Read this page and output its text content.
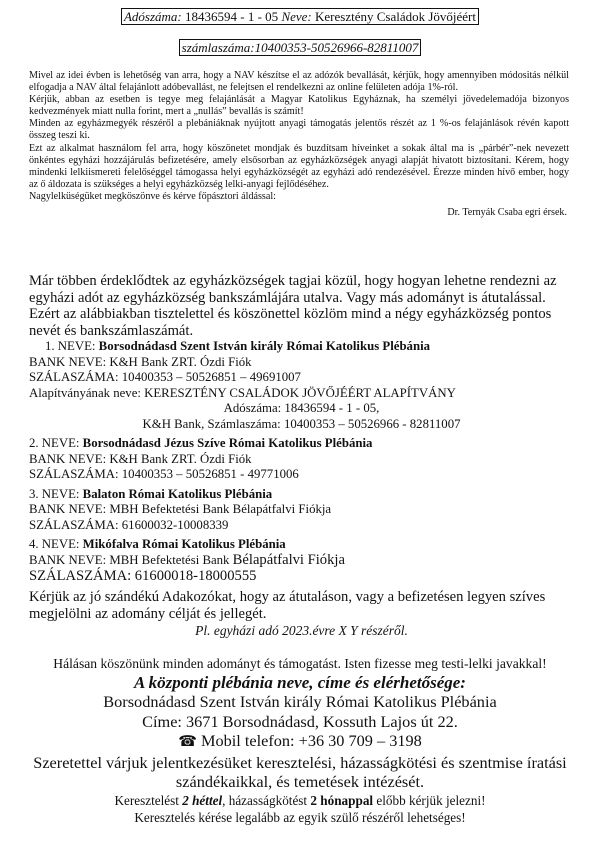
Adószáma: 18436594 - 1 - 05 Neve: Keresztény Családok Jövőjéért
számlaszáma:10400353-50526966-82811007

Mivel az idei évben is lehetőség van arra, hogy a NAV készítse el az adózók bevallását, kérjük, hogy amennyiben módositás nélkül elfogadja a NAV által felajánlott adóbevallást, ne felejtsen el rendelkezni az online felületen adója 1%-ról.

Kérjük, abban az esetben is tegye meg felajánlását a Magyar Katolikus Egyháznak, ha személyi jövedelemadója bizonyos kedvezmények miatt nulla forint, mert a „nullás” bevallás is számít!

Minden az egyházmegyék részéről a plebániáknak nyújtott anyagi támogatás jelentős részét az 1 %-os felajánlások révén kapott összeg teszi ki.

Ezt az alkalmat használom fel arra, hogy köszönetet mondjak és buzdítsam híveinket a sokak által ma is „párbér”-nek nevezett önkéntes egyházi hozzájárulás befizetésére, amely elsősorban az egyházközségek anyagi alapját hivatott biztosítani. Kérem, hogy mindenki lelkiismereti felelőséggel támogassa helyi egyházközségét az egyházi adó rendezésével. Érezze minden hívő ember, hogy az ő áldozata is szükséges a helyi egyházközség lelki-anyagi fejlődéséhez.

Nagylelküségüket megköszönve és kérve főpásztori áldással:

Dr. Ternyák Csaba egri érsek.

Már többen érdeklődtek az egyházközségek tagjai közül, hogy hogyan lehetne rendezni az egyházi adót az egyházközség bankszámlájára utalva. Vagy más adományt is átutalással. Ezért az alábbiakban tisztelettel és köszönettel közlöm mind a négy egyházközség pontos nevét és bankszámlaszámát.

1. NEVE: Borsodnádasd Szent István király Római Katolikus Plébánia
BANK NEVE: K&H Bank ZRT. Ózdi Fiók
SZÁLASZÁMA: 10400353 – 50526851 – 49691007
Alapítványának neve: KERESZTÉNY CSALÁDOK JÖVŐJÉÉRT ALAPÍTVÁNY
Adószáma: 18436594 - 1 - 05,
K&H Bank, Számlaszáma: 10400353 – 50526966 - 82811007
2. NEVE: Borsodnádasd Jézus Szíve Római Katolikus Plébánia
BANK NEVE: K&H Bank ZRT. Ózdi Fiók
SZÁLASZÁMA: 10400353 – 50526851 - 49771006
3. NEVE: Balaton Római Katolikus Plébánia
BANK NEVE: MBH Befektetési Bank Bélapátfalvi Fiókja
SZÁLASZÁMA: 61600032-10008339
4. NEVE: Mikófalva Római Katolikus Plébánia
BANK NEVE: MBH Befektetési Bank Bélapátfalvi Fiókja
SZÁLASZÁMA: 61600018-18000555

Kérjük az jó szándékú Adakozókat, hogy az átutaláson, vagy a befizetésen legyen szíves megjelölni az adomány célját és jellegét.

Pl. egyházi adó 2023.évre X Y részéről.

Hálásan köszönünk minden adományt és támogatást. Isten fizesse meg testi-lelki javakkal!

A központi plébánia neve, címe és elérhetősége:

Borsodnádasd Szent István király Római Katolikus Plébánia

Címe: 3671 Borsodnádasd, Kossuth Lajos út 22.

☎ Mobil telefon: +36 30 709 – 3198

Szeretettel várjuk jelentkezésüket keresztelési, házasságkötési és szentmise íratási szándékaikkal, és temetések intézését.

Keresztelést 2 héttel, házasságkötést 2 hónappal előbb kérjük jelezni!

Keresztelés kérése legalább az egyik szülő részéről lehetséges!
